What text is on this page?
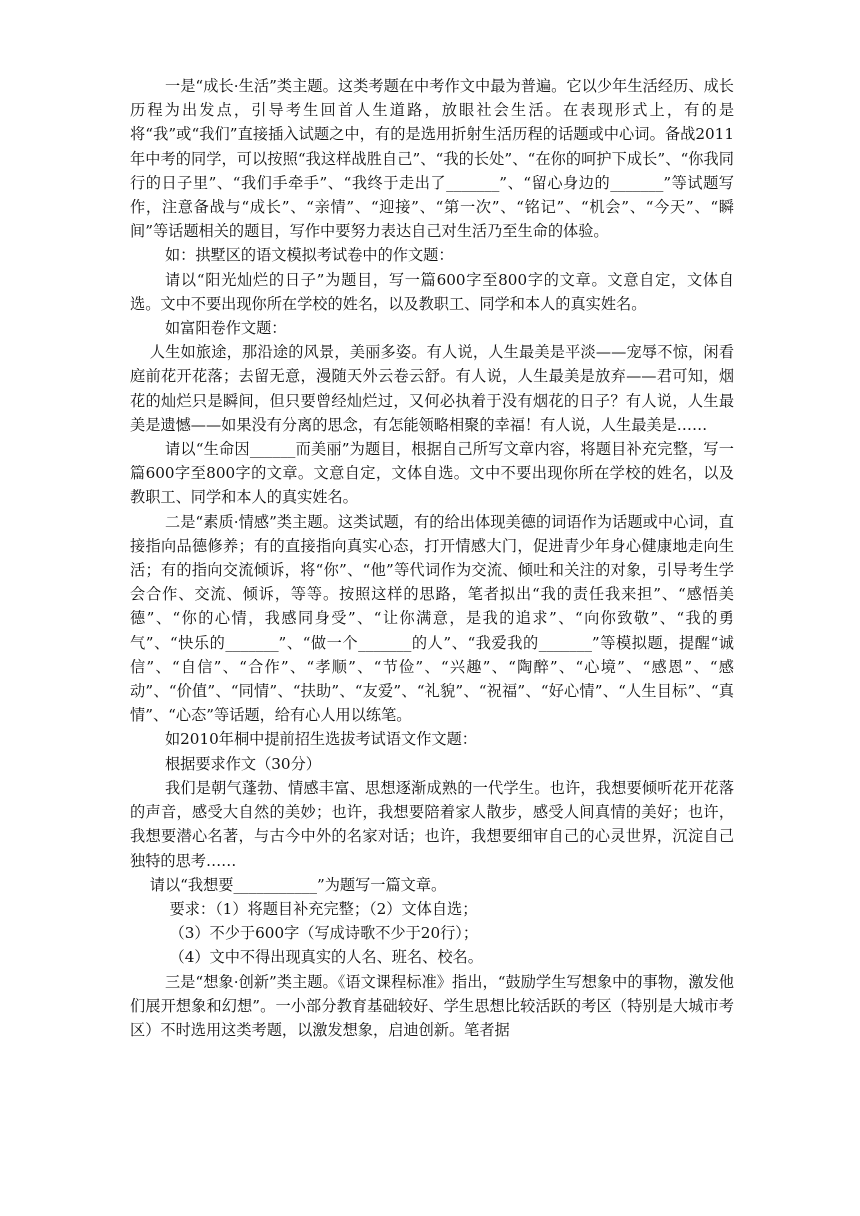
一是“成长·生活”类主题。这类考题在中考作文中最为普遍。它以少年生活经历、成长历程为出发点，引导考生回首人生道路，放眼社会生活。在表现形式上，有的是将“我”或“我们”直接插入试题之中，有的是选用折射生活历程的话题或中心词。备战2011年中考的同学，可以按照“我这样战胜自己”、“我的长处”、“在你的呵护下成长”、“你我同行的日子里”、“我们手牵手”、“我终于走出了_______”、“留心身边的_______”等试题写作，注意备战与“成长”、“亲情”、“迎接”、“第一次”、“铭记”、“机会”、“今天”、“瞬间”等话题相关的题目，写作中要努力表达自己对生活乃至生命的体验。

如：拱墅区的语文模拟考试卷中的作文题：

请以“阳光灿烂的日子”为题目，写一篇600字至800字的文章。文意自定，文体自选。文中不要出现你所在学校的姓名，以及教职工、同学和本人的真实姓名。

如富阳卷作文题：

人生如旅途，那沿途的风景，美丽多姿。有人说，人生最美是平淡——宠辱不惊，闲看庭前花开花落；去留无意，漫随天外云卷云舒。有人说，人生最美是放弃——君可知，烟花的灿烂只是瞬间，但只要曾经灿烂过，又何必执着于没有烟花的日子？有人说，人生最美是遗憾——如果没有分离的思念，有怎能领略相聚的幸福！有人说，人生最美是……

请以“生命因______而美丽”为题目，根据自己所写文章内容，将题目补充完整，写一篇600字至800字的文章。文意自定，文体自选。文中不要出现你所在学校的姓名，以及教职工、同学和本人的真实姓名。

二是“素质·情感”类主题。这类试题，有的给出体现美德的词语作为话题或中心词，直接指向品德修养；有的直接指向真实心态，打开情感大门，促进青少年身心健康地走向生活；有的指向交流倾诉，将“你”、“他”等代词作为交流、倾吐和关注的对象，引导考生学会合作、交流、倾诉，等等。按照这样的思路，笔者拟出“我的责任我来担”、“感悟美德”、“你的心情，我感同身受”、“让你满意，是我的追求”、“向你致敬”、“我的勇气”、“快乐的_______”、“做一个_______的人”、“我爱我的_______”等模拟题，提醒“诚信”、“自信”、“合作”、“孝顺”、“节俭”、“兴趣”、“陶醉”、“心境”、“感恩”、“感动”、“价值”、“同情”、“扶助”、“友爱”、“礼貌”、“祝福”、“好心情”、“人生目标”、“真情”、“心态”等话题，给有心人用以练笔。

如2010年桐中提前招生选拔考试语文作文题：

根据要求作文（30分）

我们是朝气蓬勃、情感丰富、思想逐渐成熟的一代学生。也许，我想要倾听花开花落的声音，感受大自然的美妙；也许，我想要陪着家人散步，感受人间真情的美好；也许，我想要潜心名著，与古今中外的名家对话；也许，我想要细审自己的心灵世界，沉淀自己独特的思考……

请以“我想要___________”为题写一篇文章。

要求：（1）将题目补充完整；（2）文体自选；

（3）不少于600字（写成诗歌不少于20行）；

（4）文中不得出现真实的人名、班名、校名。

三是“想象·创新”类主题。《语文课程标准》指出，“鼓励学生写想象中的事物，激发他们展开想象和幻想”。一小部分教育基础较好、学生思想比较活跃的考区（特别是大城市考区）不时选用这类考题，以激发想象，启迪创新。笔者据
